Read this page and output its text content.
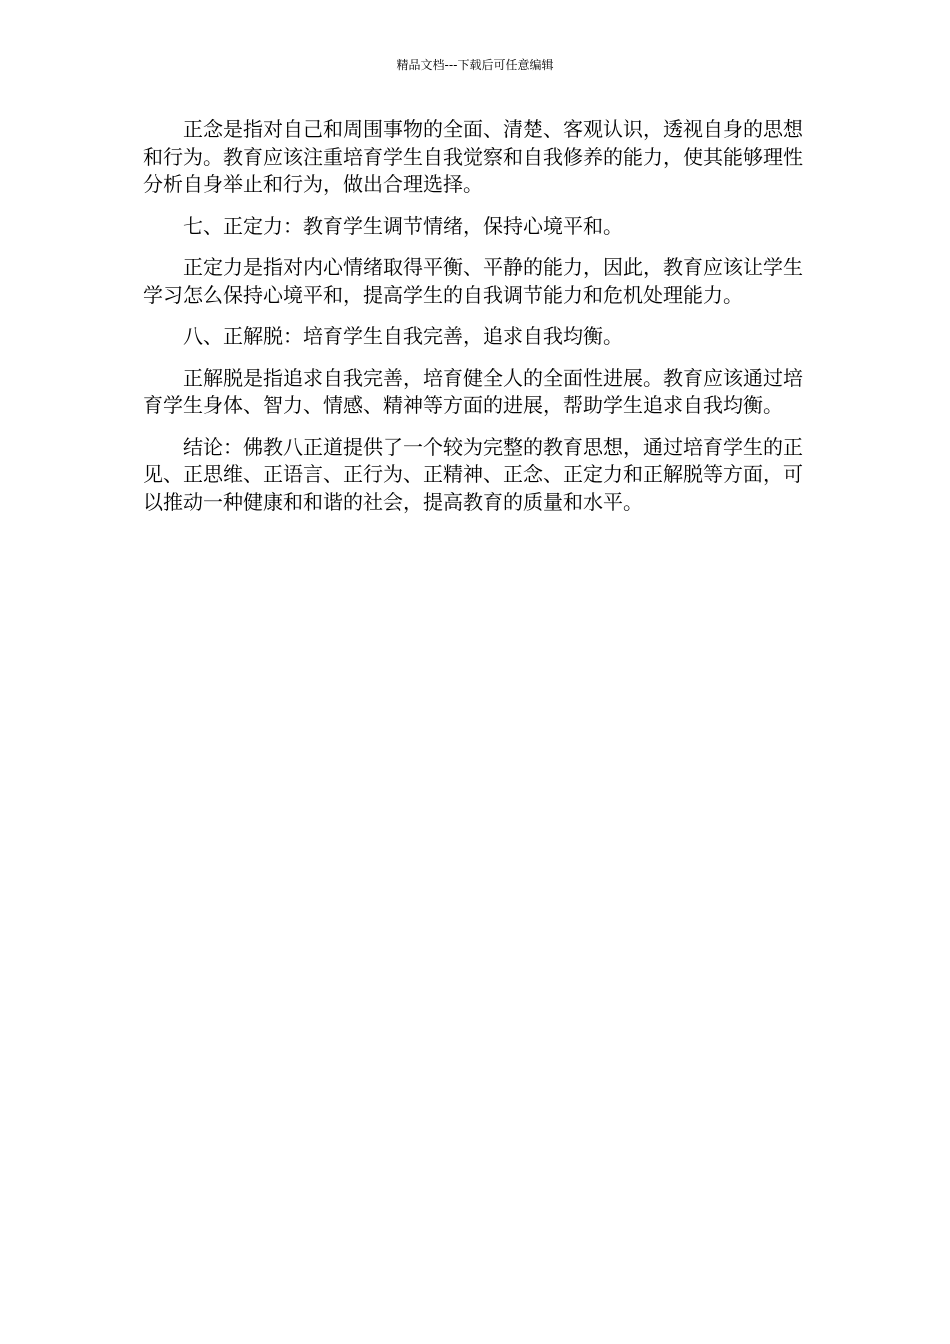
精品文档---下载后可任意编辑

正念是指对自己和周围事物的全面、清楚、客观认识，透视自身的思想和行为。教育应该注重培育学生自我觉察和自我修养的能力，使其能够理性分析自身举止和行为，做出合理选择。

七、正定力：教育学生调节情绪，保持心境平和。

正定力是指对内心情绪取得平衡、平静的能力，因此，教育应该让学生学习怎么保持心境平和，提高学生的自我调节能力和危机处理能力。

八、正解脱：培育学生自我完善，追求自我均衡。

正解脱是指追求自我完善，培育健全人的全面性进展。教育应该通过培育学生身体、智力、情感、精神等方面的进展，帮助学生追求自我均衡。

结论：佛教八正道提供了一个较为完整的教育思想，通过培育学生的正见、正思维、正语言、正行为、正精神、正念、正定力和正解脱等方面，可以推动一种健康和和谐的社会，提高教育的质量和水平。
